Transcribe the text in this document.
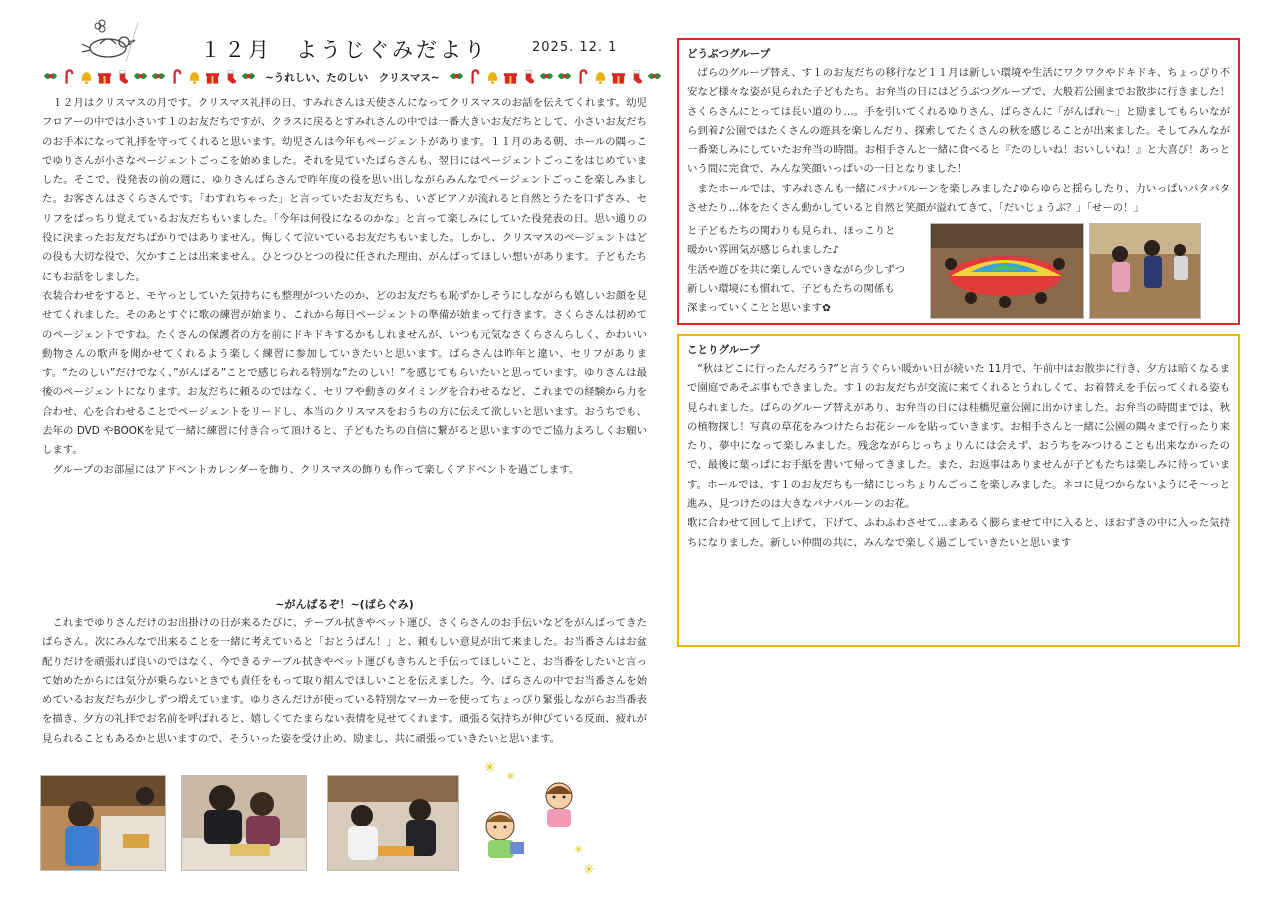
１２月　ようじぐみだより	2025. 12. 1
~うれしい、たのしい　クリスマス~

１２月はクリスマスの月です。クリスマス礼拝の日、すみれさんは天使さんになってクリスマスのお話を伝えてくれます。幼児フロアーの中では小さいす１のお友だちですが、クラスに戻るとすみれさんの中では一番大きいお友だちとして、小さいお友だちのお手本になって礼拝を守ってくれると思います。幼児さんは今年もページェントがあります。１１月のある朝、ホールの隅っこでゆりさんが小さなページェントごっこを始めました。それを見ていたばらさんも、翌日にはページェントごっこをはじめていました。そこで、役発表の前の週に、ゆりさんばらさんで昨年度の役を思い出しながらみんなでページェントごっこを楽しみました。お客さんはさくらさんです。「わすれちゃった」と言っていたお友だちも、いざピアノが流れると自然とうたを口ずさみ、セリフをばっちり覚えているお友だちもいました。「今年は何役になるのかな」と言って楽しみにしていた役発表の日。思い通りの役に決まったお友だちばかりではありません。悔しくて泣いているお友だちもいました。しかし、クリスマスのページェントはどの役も大切な役で、欠かすことは出来ません。ひとつひとつの役に任された理由、がんばってほしい想いがあります。子どもたちにもお話をしました。

衣装合わせをすると、モヤっとしていた気持ちにも整理がついたのか、どのお友だちも恥ずかしそうにしながらも嬉しいお顔を見せてくれました。そのあとすぐに歌の練習が始まり、これから毎日ページェントの準備が始まって行きます。さくらさんは初めてのページェントですね。たくさんの保護者の方を前にドキドキするかもしれませんが、いつも元気なさくらさんらしく、かわいい動物さんの歌声を聞かせてくれるよう楽しく練習に参加していきたいと思います。ばらさんは昨年と違い、セリフがあります。“たのしい”だけでなく、”がんばる”ことで感じられる特別な”たのしい！”を感じてもらいたいと思っています。ゆりさんは最後のページェントになります。お友だちに頼るのではなく、セリフや動きのタイミングを合わせるなど、これまでの経験から力を合わせ、心を合わせることでページェントをリードし、本当のクリスマスをおうちの方に伝えて欲しいと思います。おうちでも、去年の DVD やBOOKを見て一緒に練習に付き合って頂けると、子どもたちの自信に繋がると思いますのでご協力よろしくお願いします。

グループのお部屋にはアドベントカレンダーを飾り、クリスマスの飾りも作って楽しくアドベントを過ごします。

~がんばるぞ！~(ばらぐみ)

これまでゆりさんだけのお出掛けの日が来るたびに、テーブル拭きやベット運び、さくらさんのお手伝いなどをがんばってきたばらさん。次にみんなで出来ることを一緒に考えていると「おとうばん！」と、頼もしい意見が出て来ました。お当番さんはお盆配りだけを頑張れば良いのではなく、今できるテーブル拭きやベット運びもきちんと手伝ってほしいこと、お当番をしたいと言って始めたからには気分が乗らないときでも責任をもって取り組んでほしいことを伝えました。今、ばらさんの中でお当番さんを始めているお友だちが少しずつ増えています。ゆりさんだけが使っている特別なマーカーを使ってちょっぴり緊張しながらお当番表を描き、夕方の礼拝でお名前を呼ばれると、嬉しくてたまらない表情を見せてくれます。頑張る気持ちが伸びている反面、疲れが見られることもあるかと思いますので、そういった姿を受け止め、励まし、共に頑張っていきたいと思います。

✳
✳
✳
✳
どうぶつグループ

ばらのグループ替え、す１のお友だちの移行など１１月は新しい環境や生活にワクワクやドキドキ、ちょっぴり不安など様々な姿が見られた子どもたち。お弁当の日にはどうぶつグループで、大般若公園までお散歩に行きました！さくらさんにとっては長い道のり…。手を引いてくれるゆりさん、ばらさんに「がんばれ～」と励ましてもらいながら到着♪公園ではたくさんの遊具を楽しんだり、探索してたくさんの秋を感じることが出来ました。そしてみんなが一番楽しみにしていたお弁当の時間。お相手さんと一緒に食べると『たのしいね！おいしいね！』と大喜び！あっという間に完食で、みんな笑顔いっぱいの一日となりました！

またホールでは、すみれさんも一緒にパナバルーンを楽しみました♪ゆらゆらと揺らしたり、力いっぱいパタパタさせたり…体をたくさん動かしていると自然と笑顔が溢れてきて、「だいじょうぶ？」「せーの！」

と子どもたちの関わりも見られ、ほっこりと
暖かい雰囲気が感じられました♪
生活や遊びを共に楽しんでいきながら少しずつ
新しい環境にも慣れて、子どもたちの関係も
深まっていくことと思います✿
ことりグループ

“秋はどこに行ったんだろう?”と言うぐらい暖かい日が続いた 11月で、午前中はお散歩に行き、夕方は暗くなるまで園庭であそぶ事もできました。す１のお友だちが交流に来てくれるとうれしくて、お着替えを手伝ってくれる姿も見られました。ばらのグループ替えがあり、お弁当の日には桂橋児童公園に出かけました。お弁当の時間までは、秋の植物探し！写真の草花をみつけたらお花シールを貼っていきます。お相手さんと一緒に公園の隅々まで行ったり来たり、夢中になって楽しみました。残念ながらじっちょりんには会えず、おうちをみつけることも出来なかったので、最後に葉っぱにお手紙を書いて帰ってきました。また、お返事はありませんが子どもたちは楽しみに待っています。ホールでは、す１のお友だちも一緒にじっちょりんごっこを楽しみました。ネコに見つからないようにそ～っと進み、見つけたのは大きなパナバルーンのお花。

歌に合わせて回して上げて、下げて、ふわふわさせて…まあるく膨らませて中に入ると、ほおずきの中に入った気持ちになりました。新しい仲間の共に、みんなで楽しく過ごしていきたいと思います
